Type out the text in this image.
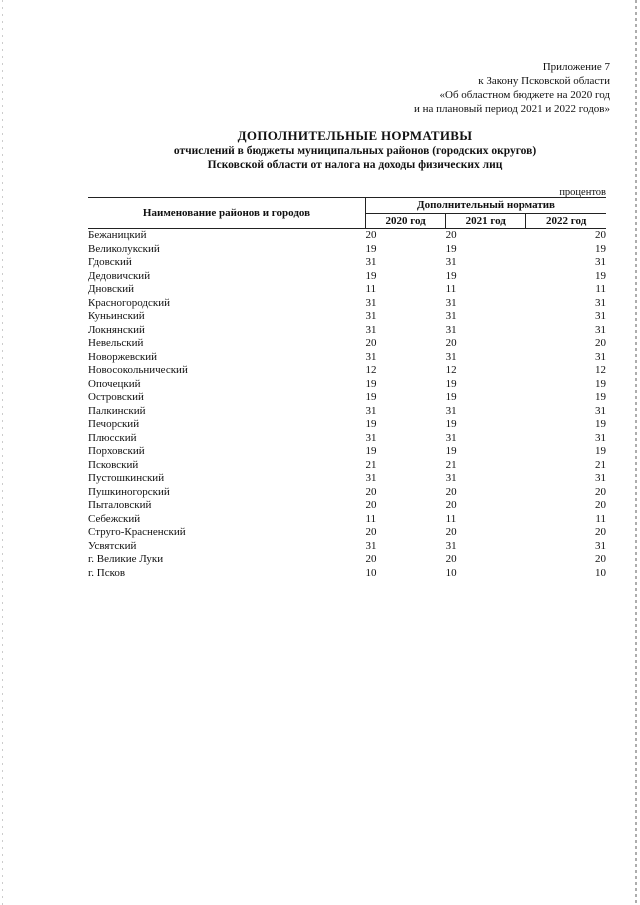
Приложение 7
к Закону Псковской области
«Об областном бюджете на 2020 год
и на плановый период 2021 и 2022 годов»
ДОПОЛНИТЕЛЬНЫЕ НОРМАТИВЫ
отчислений в бюджеты муниципальных районов (городских округов)
Псковской области от налога на доходы физических лиц
процентов
Наименование районов и городов	Дополнительный норматив		
	2020 год	2021 год	2022 год
Бежаницкий	20	20	20
Великолукский	19	19	19
Гдовский	31	31	31
Дедовичский	19	19	19
Дновский	11	11	11
Красногородский	31	31	31
Куньинский	31	31	31
Локнянский	31	31	31
Невельский	20	20	20
Новоржевский	31	31	31
Новосокольнический	12	12	12
Опочецкий	19	19	19
Островский	19	19	19
Палкинский	31	31	31
Печорский	19	19	19
Плюсский	31	31	31
Порховский	19	19	19
Псковский	21	21	21
Пустошкинский	31	31	31
Пушкиногорский	20	20	20
Пыталовский	20	20	20
Себежский	11	11	11
Струго-Красненский	20	20	20
Усвятский	31	31	31
г. Великие Луки	20	20	20
г. Псков	10	10	10
